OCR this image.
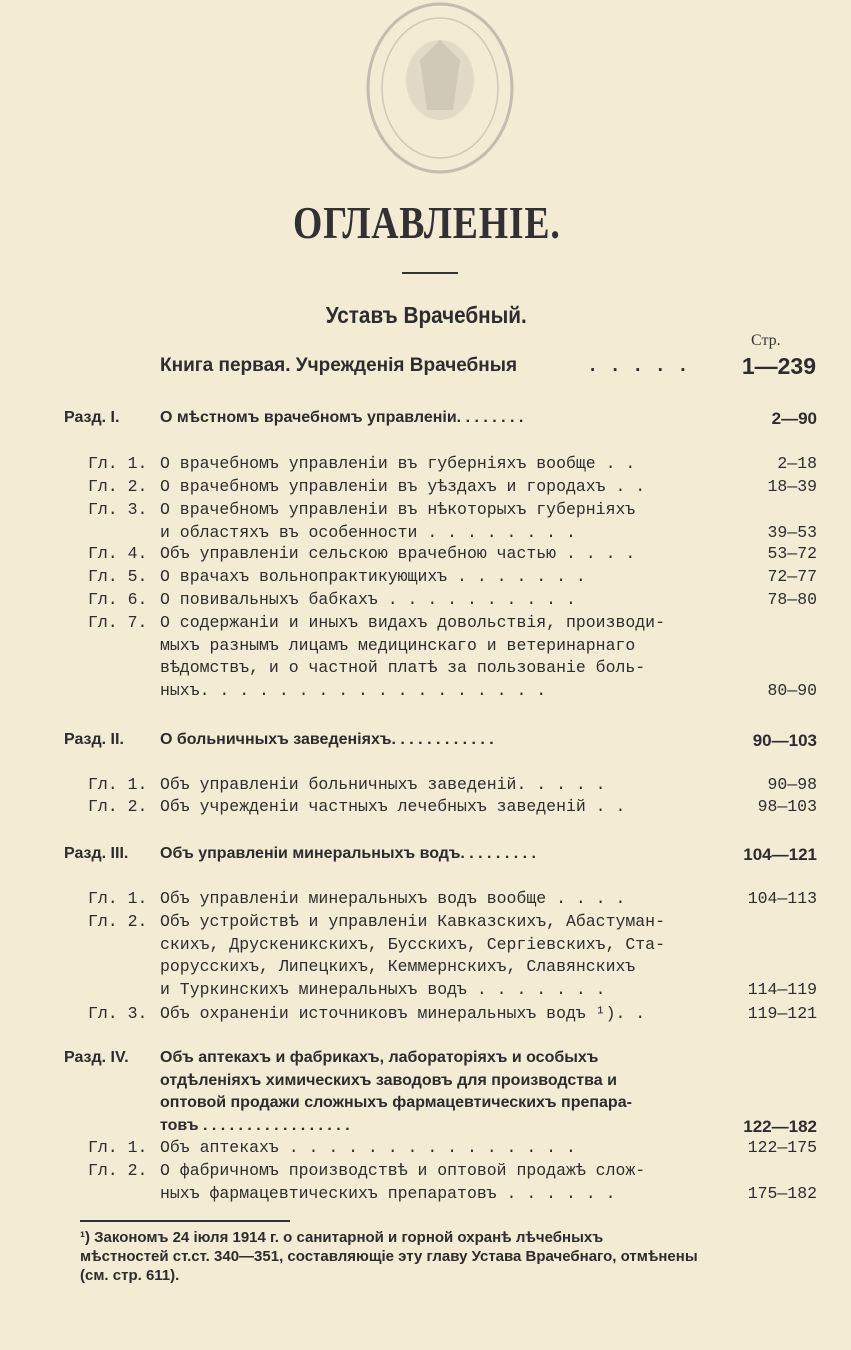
ОГЛАВЛЕНІЕ.
Уставъ Врачебный.
Стр.
Книга первая. Учрежденія Врачебныя	. . . . . 1—239
Разд. I.	О мѣстномъ врачебномъ управленіи. . . . . . . .	2—90
Гл. 1. О врачебномъ управленіи въ губерніяхъ вообще . .	2—18
Гл. 2. О врачебномъ управленіи въ уѣздахъ и городахъ . .	18—39
Гл. 3. О врачебномъ управленіи въ нѣкоторыхъ губерніяхъ
и областяхъ въ особенности . . . . . . . .	39—53
Гл. 4. Объ управленіи сельскою врачебною частью . . . .	53—72
Гл. 5. О врачахъ вольнопрактикующихъ . . . . . . .	72—77
Гл. 6. О повивальныхъ бабкахъ . . . . . . . . . .	78—80
Гл. 7. О содержаніи и иныхъ видахъ довольствія, производи-
мыхъ разнымъ лицамъ медицинскаго и ветеринарнаго
вѣдомствъ, и о частной платѣ за пользованіе боль-
ныхъ. . . . . . . . . . . . . . . . . .	80—90
Разд. II. О больничныхъ заведеніяхъ. . . . . . . . . . . .	90—103
Гл. 1. Объ управленіи больничныхъ заведеній. . . . .	90—98
Гл. 2. Объ учрежденіи частныхъ лечебныхъ заведеній . .	98—103
Разд. III. Объ управленіи минеральныхъ водъ. . . . . . . . .	104—121
Гл. 1. Объ управленіи минеральныхъ водъ вообще . . . .	104—113
Гл. 2. Объ устройствѣ и управленіи Кавказскихъ, Абастуман-
скихъ, Друскеникскихъ, Бусскихъ, Сергіевскихъ, Ста-
рорусскихъ, Липецкихъ, Кеммернскихъ, Славянскихъ
и Туркинскихъ минеральныхъ водъ . . . . . . .	114—119
Гл. 3. Объ охраненіи источниковъ минеральныхъ водъ ¹). .	119—121
Разд. IV. Объ аптекахъ и фабрикахъ, лабораторіяхъ и особыхъ
отдѣленіяхъ химическихъ заводовъ для производства и
оптовой продажи сложныхъ фармацевтическихъ препара-
товъ . . . . . . . . . . . . . . . . .	122—182
Гл. 1. Объ аптекахъ . . . . . . . . . . . . . . .	122—175
Гл. 2. О фабричномъ производствѣ и оптовой продажѣ слож-
ныхъ фармацевтическихъ препаратовъ . . . . . .	175—182
¹) Закономъ 24 іюля 1914 г. о санитарной и горной охранѣ лѣчебныхъ
мѣстностей ст.ст. 340—351, составляющіе эту главу Устава Врачебнаго, отмѣнены
(см. стр. 611).
